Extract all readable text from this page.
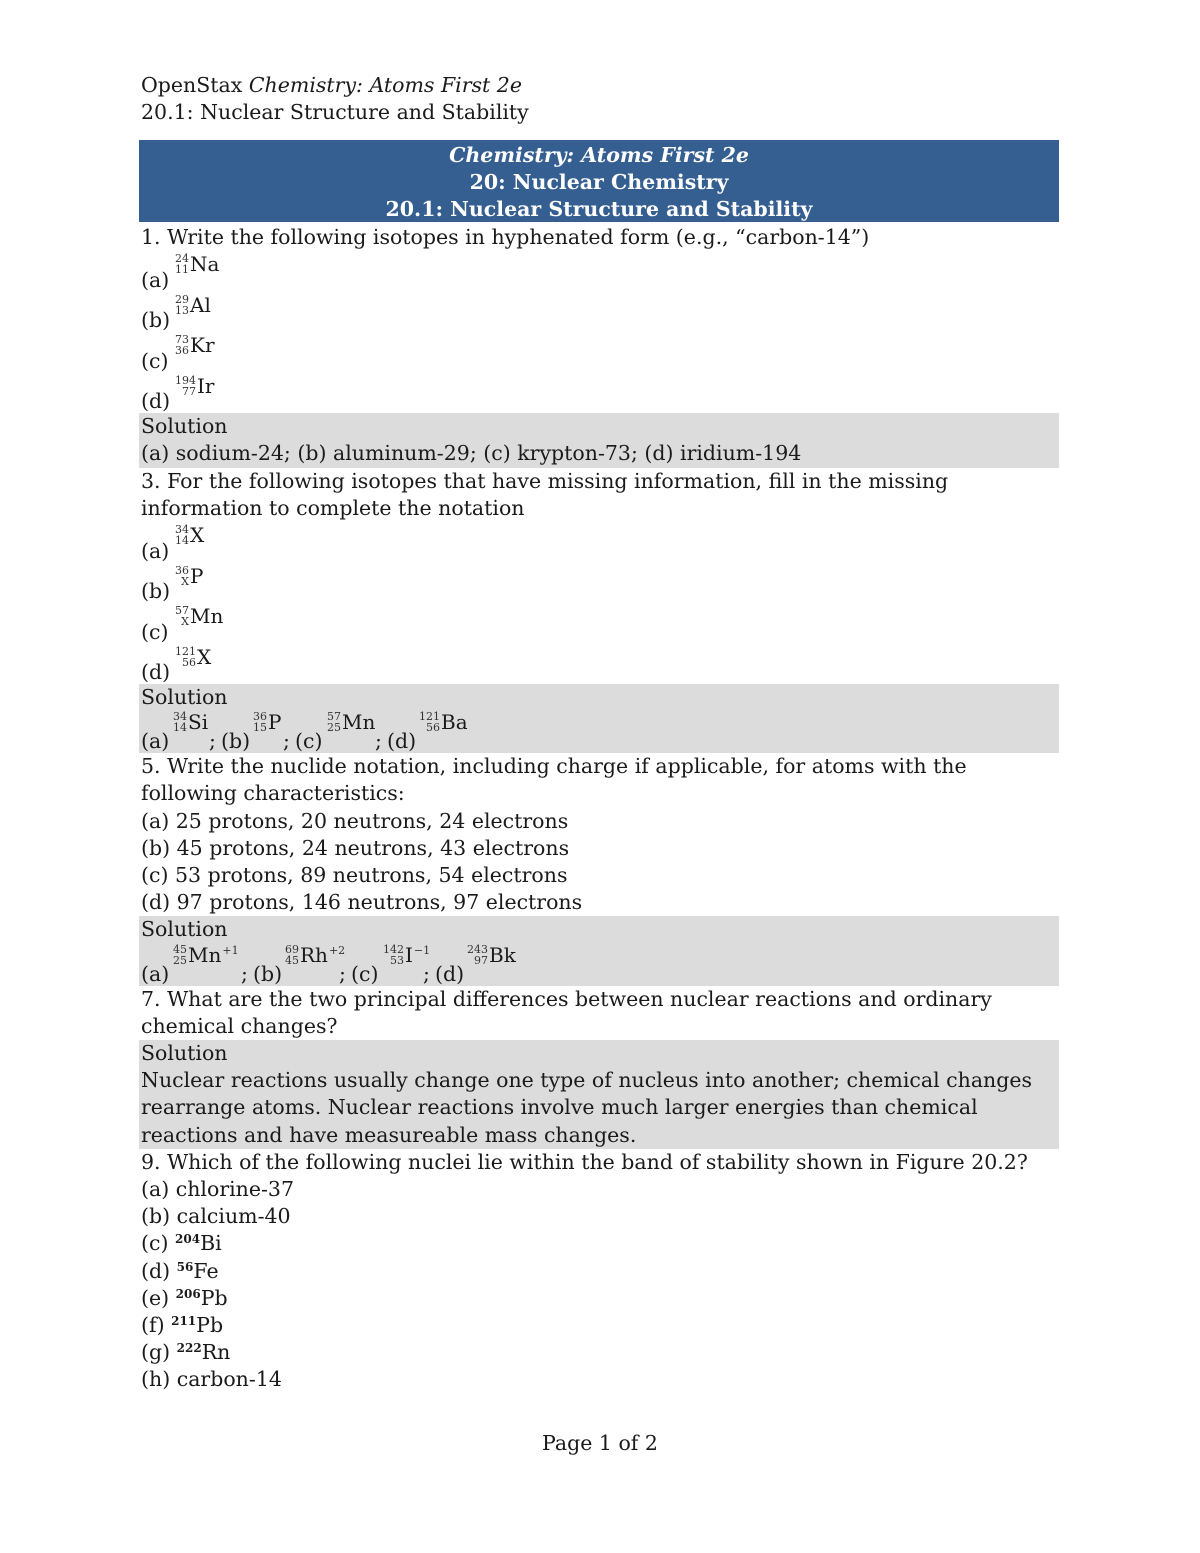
OpenStax Chemistry: Atoms First 2e
20.1: Nuclear Structure and Stability
Chemistry: Atoms First 2e
20: Nuclear Chemistry
20.1: Nuclear Structure and Stability
1. Write the following isotopes in hyphenated form (e.g., “carbon-14”)
(a)
24
11 Na
(b)
29
13 Al
(c)
73
36 Kr
(d)
194
77 Ir
Solution
(a) sodium-24; (b) aluminum-29; (c) krypton-73; (d) iridium-194
3. For the following isotopes that have missing information, fill in the missing information to complete the notation
(a)
34
14 X
(b)
36
X P
(c)
57
X Mn
(d)
121
56 X
Solution
(a)
34
14 Si
; (b)
36
15 P
; (c)
57
25 Mn
; (d)
121
56 Ba
5. Write the nuclide notation, including charge if applicable, for atoms with the following characteristics:
(a) 25 protons, 20 neutrons, 24 electrons
(b) 45 protons, 24 neutrons, 43 electrons
(c) 53 protons, 89 neutrons, 54 electrons
(d) 97 protons, 146 neutrons, 97 electrons
Solution
(a)
45
25 Mn +1
; (b)
69
45 Rh +2
; (c)
142
53 I −1
; (d)
243
97 Bk
7. What are the two principal differences between nuclear reactions and ordinary chemical changes?
Solution
Nuclear reactions usually change one type of nucleus into another; chemical changes rearrange atoms. Nuclear reactions involve much larger energies than chemical reactions and have measureable mass changes.
9. Which of the following nuclei lie within the band of stability shown in Figure 20.2?
(a) chlorine-37
(b) calcium-40
(c) $^{204}$Bi
(d) $^{56}$Fe
(e) $^{206}$Pb
(f) $^{211}$Pb
(g) $^{222}$Rn
(h) carbon-14
Page 1 of 2
